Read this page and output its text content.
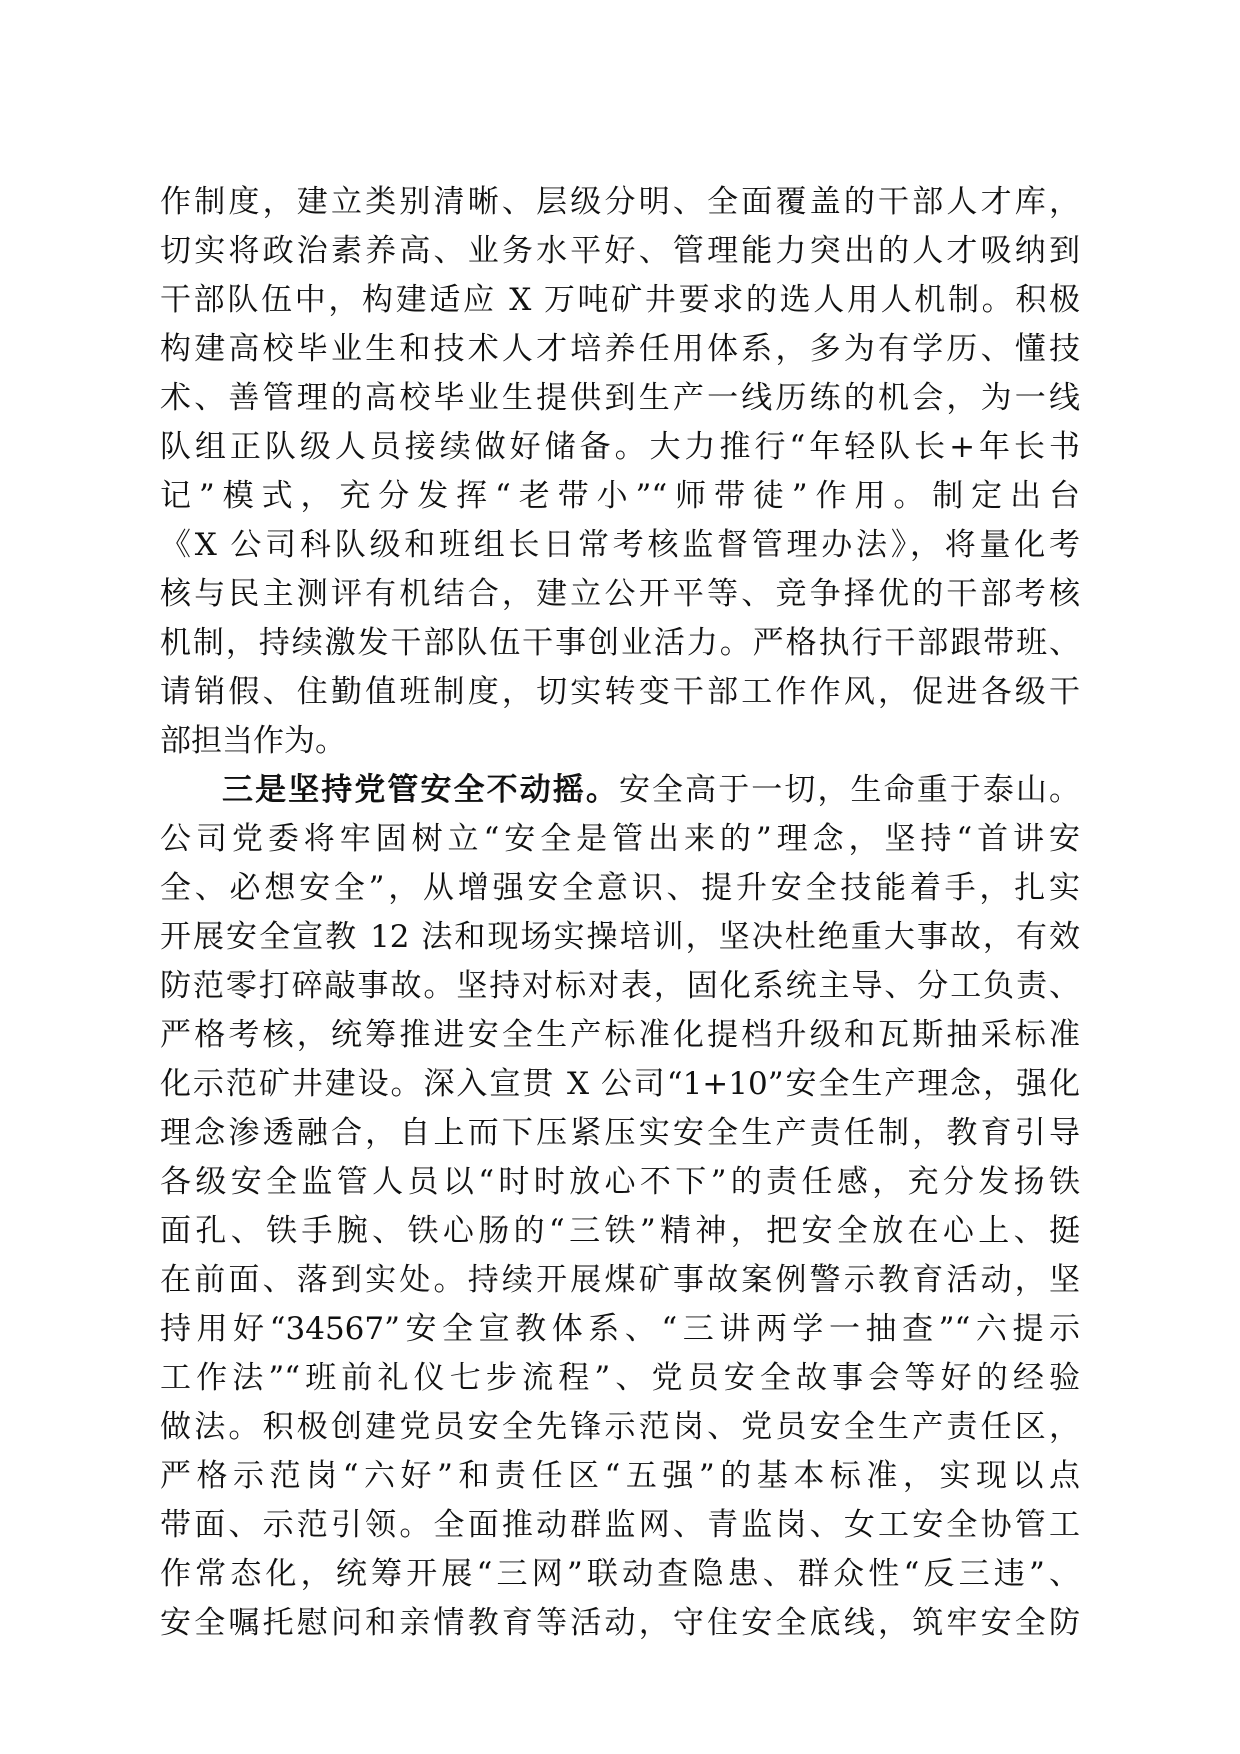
作制度，建立类别清晰、层级分明、全面覆盖的干部人才库，
切实将政治素养高、业务水平好、管理能力突出的人才吸纳到
干部队伍中，构建适应 X 万吨矿井要求的选人用人机制。积极
构建高校毕业生和技术人才培养任用体系，多为有学历、懂技
术、善管理的高校毕业生提供到生产一线历练的机会，为一线
队组正队级人员接续做好储备。大力推行“年轻队长+年长书
记”模式，充分发挥“老带小”“师带徒”作用。制定出台
《X 公司科队级和班组长日常考核监督管理办法》，将量化考
核与民主测评有机结合，建立公开平等、竞争择优的干部考核
机制，持续激发干部队伍干事创业活力。严格执行干部跟带班、
请销假、住勤值班制度，切实转变干部工作作风，促进各级干
部担当作为。
三是坚持党管安全不动摇。安全高于一切，生命重于泰山。
公司党委将牢固树立“安全是管出来的”理念，坚持“首讲安
全、必想安全”，从增强安全意识、提升安全技能着手，扎实
开展安全宣教 12 法和现场实操培训，坚决杜绝重大事故，有效
防范零打碎敲事故。坚持对标对表，固化系统主导、分工负责、
严格考核，统筹推进安全生产标准化提档升级和瓦斯抽采标准
化示范矿井建设。深入宣贯 X 公司“1+10”安全生产理念，强化
理念渗透融合，自上而下压紧压实安全生产责任制，教育引导
各级安全监管人员以“时时放心不下”的责任感，充分发扬铁
面孔、铁手腕、铁心肠的“三铁”精神，把安全放在心上、挺
在前面、落到实处。持续开展煤矿事故案例警示教育活动，坚
持用好“34567”安全宣教体系、“三讲两学一抽查”“六提示
工作法”“班前礼仪七步流程”、党员安全故事会等好的经验
做法。积极创建党员安全先锋示范岗、党员安全生产责任区，
严格示范岗“六好”和责任区“五强”的基本标准，实现以点
带面、示范引领。全面推动群监网、青监岗、女工安全协管工
作常态化，统筹开展“三网”联动查隐患、群众性“反三违”、
安全嘱托慰问和亲情教育等活动，守住安全底线，筑牢安全防
